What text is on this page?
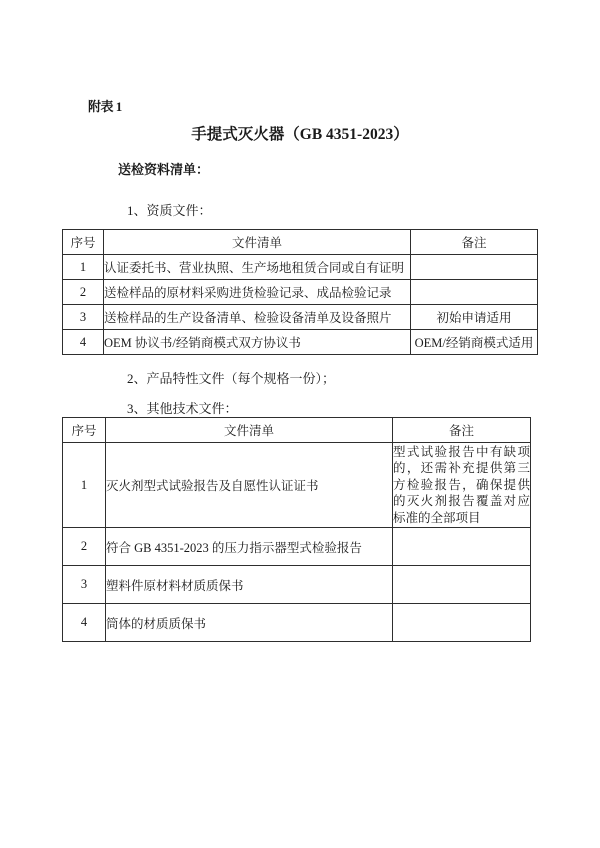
附表 1
手提式灭火器（GB 4351-2023）
送检资料清单：
1、资质文件：
序号	文件清单	备注
1	认证委托书、营业执照、生产场地租赁合同或自有证明	
2	送检样品的原材料采购进货检验记录、成品检验记录	
3	送检样品的生产设备清单、检验设备清单及设备照片	初始申请适用
4	OEM 协议书/经销商模式双方协议书	OEM/经销商模式适用
2、产品特性文件（每个规格一份）；
3、其他技术文件：
序号	文件清单	备注
1	灭火剂型式试验报告及自愿性认证证书	型式试验报告中有缺项的，还需补充提供第三方检验报告，确保提供的灭火剂报告覆盖对应标准的全部项目
2	符合 GB 4351-2023 的压力指示器型式检验报告	
3	塑料件原材料材质质保书	
4	筒体的材质质保书	
